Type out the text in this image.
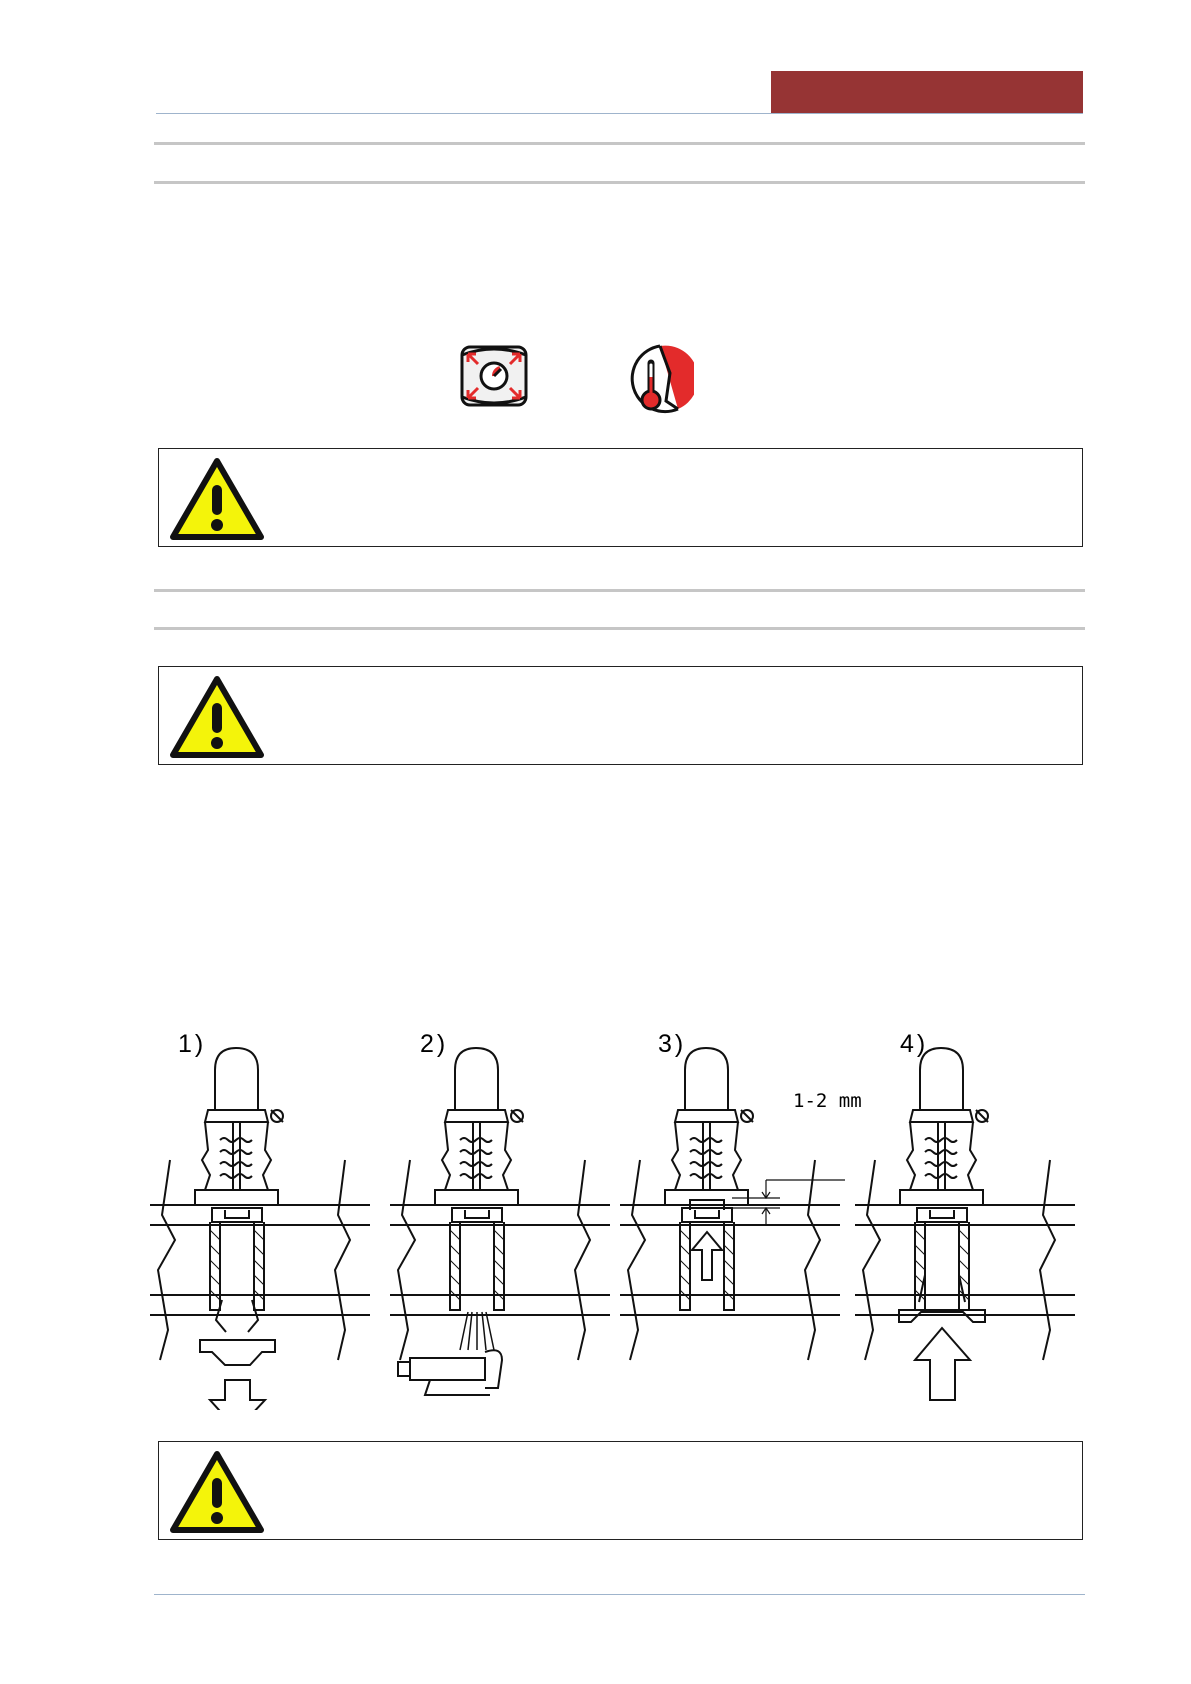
1)	2)	3)	4)
1-2 mm
